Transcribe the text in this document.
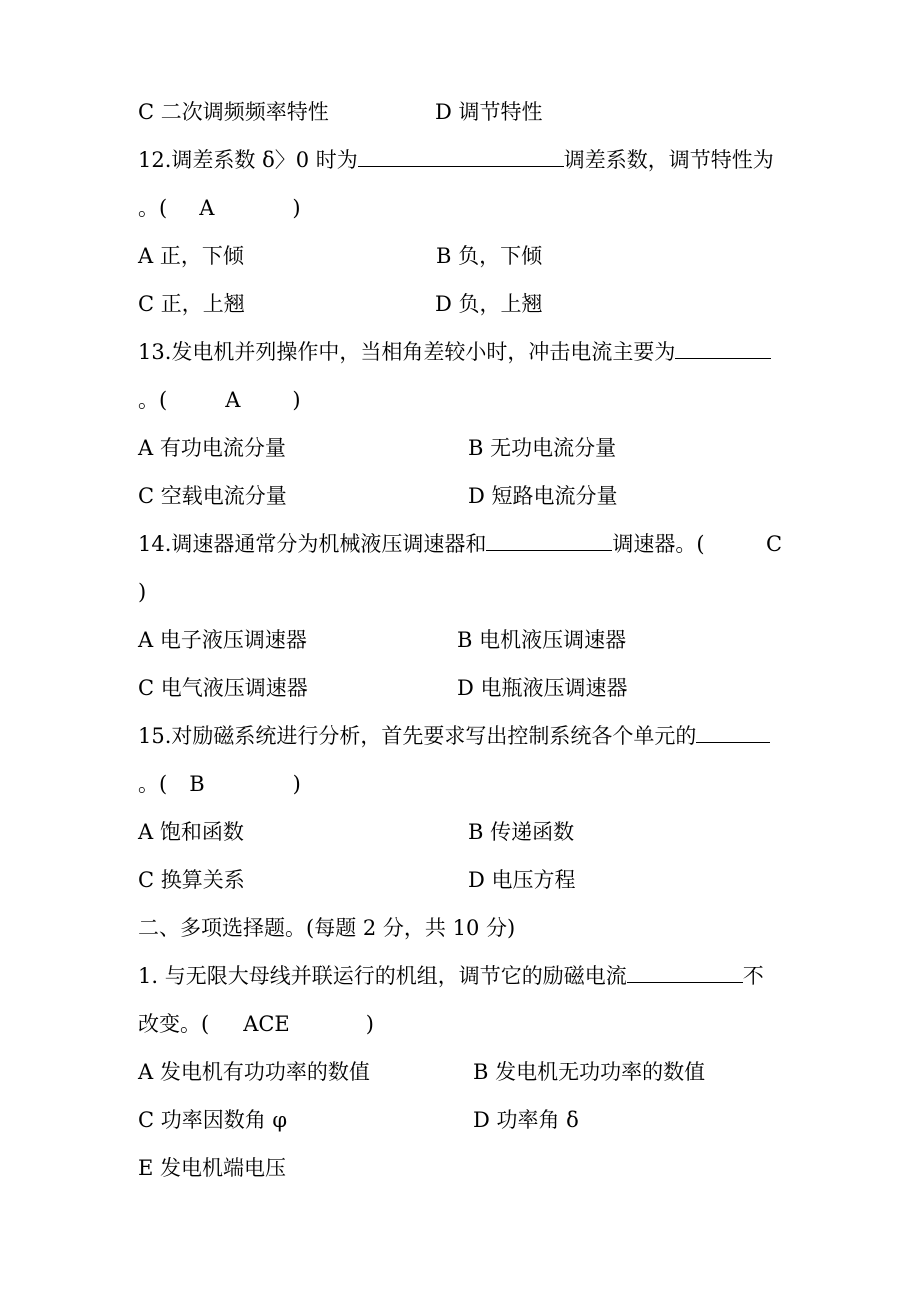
C 二次调频频率特性	D 调节特性
12.调差系数 δ〉0 时为	调差系数，调节特性为
。( A	)
A 正，下倾	B 负，下倾
C 正，上翘	D 负，上翘
13.发电机并列操作中，当相角差较小时，冲击电流主要为
。(	A )
A 有功电流分量	B 无功电流分量
C 空载电流分量	D 短路电流分量
14.调速器通常分为机械液压调速器和	调速器。(	C
)
A 电子液压调速器	B 电机液压调速器
C 电气液压调速器	D 电瓶液压调速器
15.对励磁系统进行分析，首先要求写出控制系统各个单元的
。( B	)
A 饱和函数	B 传递函数
C 换算关系	D 电压方程
二、多项选择题。(每题 2 分，共 10 分)
1. 与无限大母线并联运行的机组，调节它的励磁电流	不
改变。( ACE	)
A 发电机有功功率的数值	B 发电机无功功率的数值
C 功率因数角 φ	D 功率角 δ
E 发电机端电压
